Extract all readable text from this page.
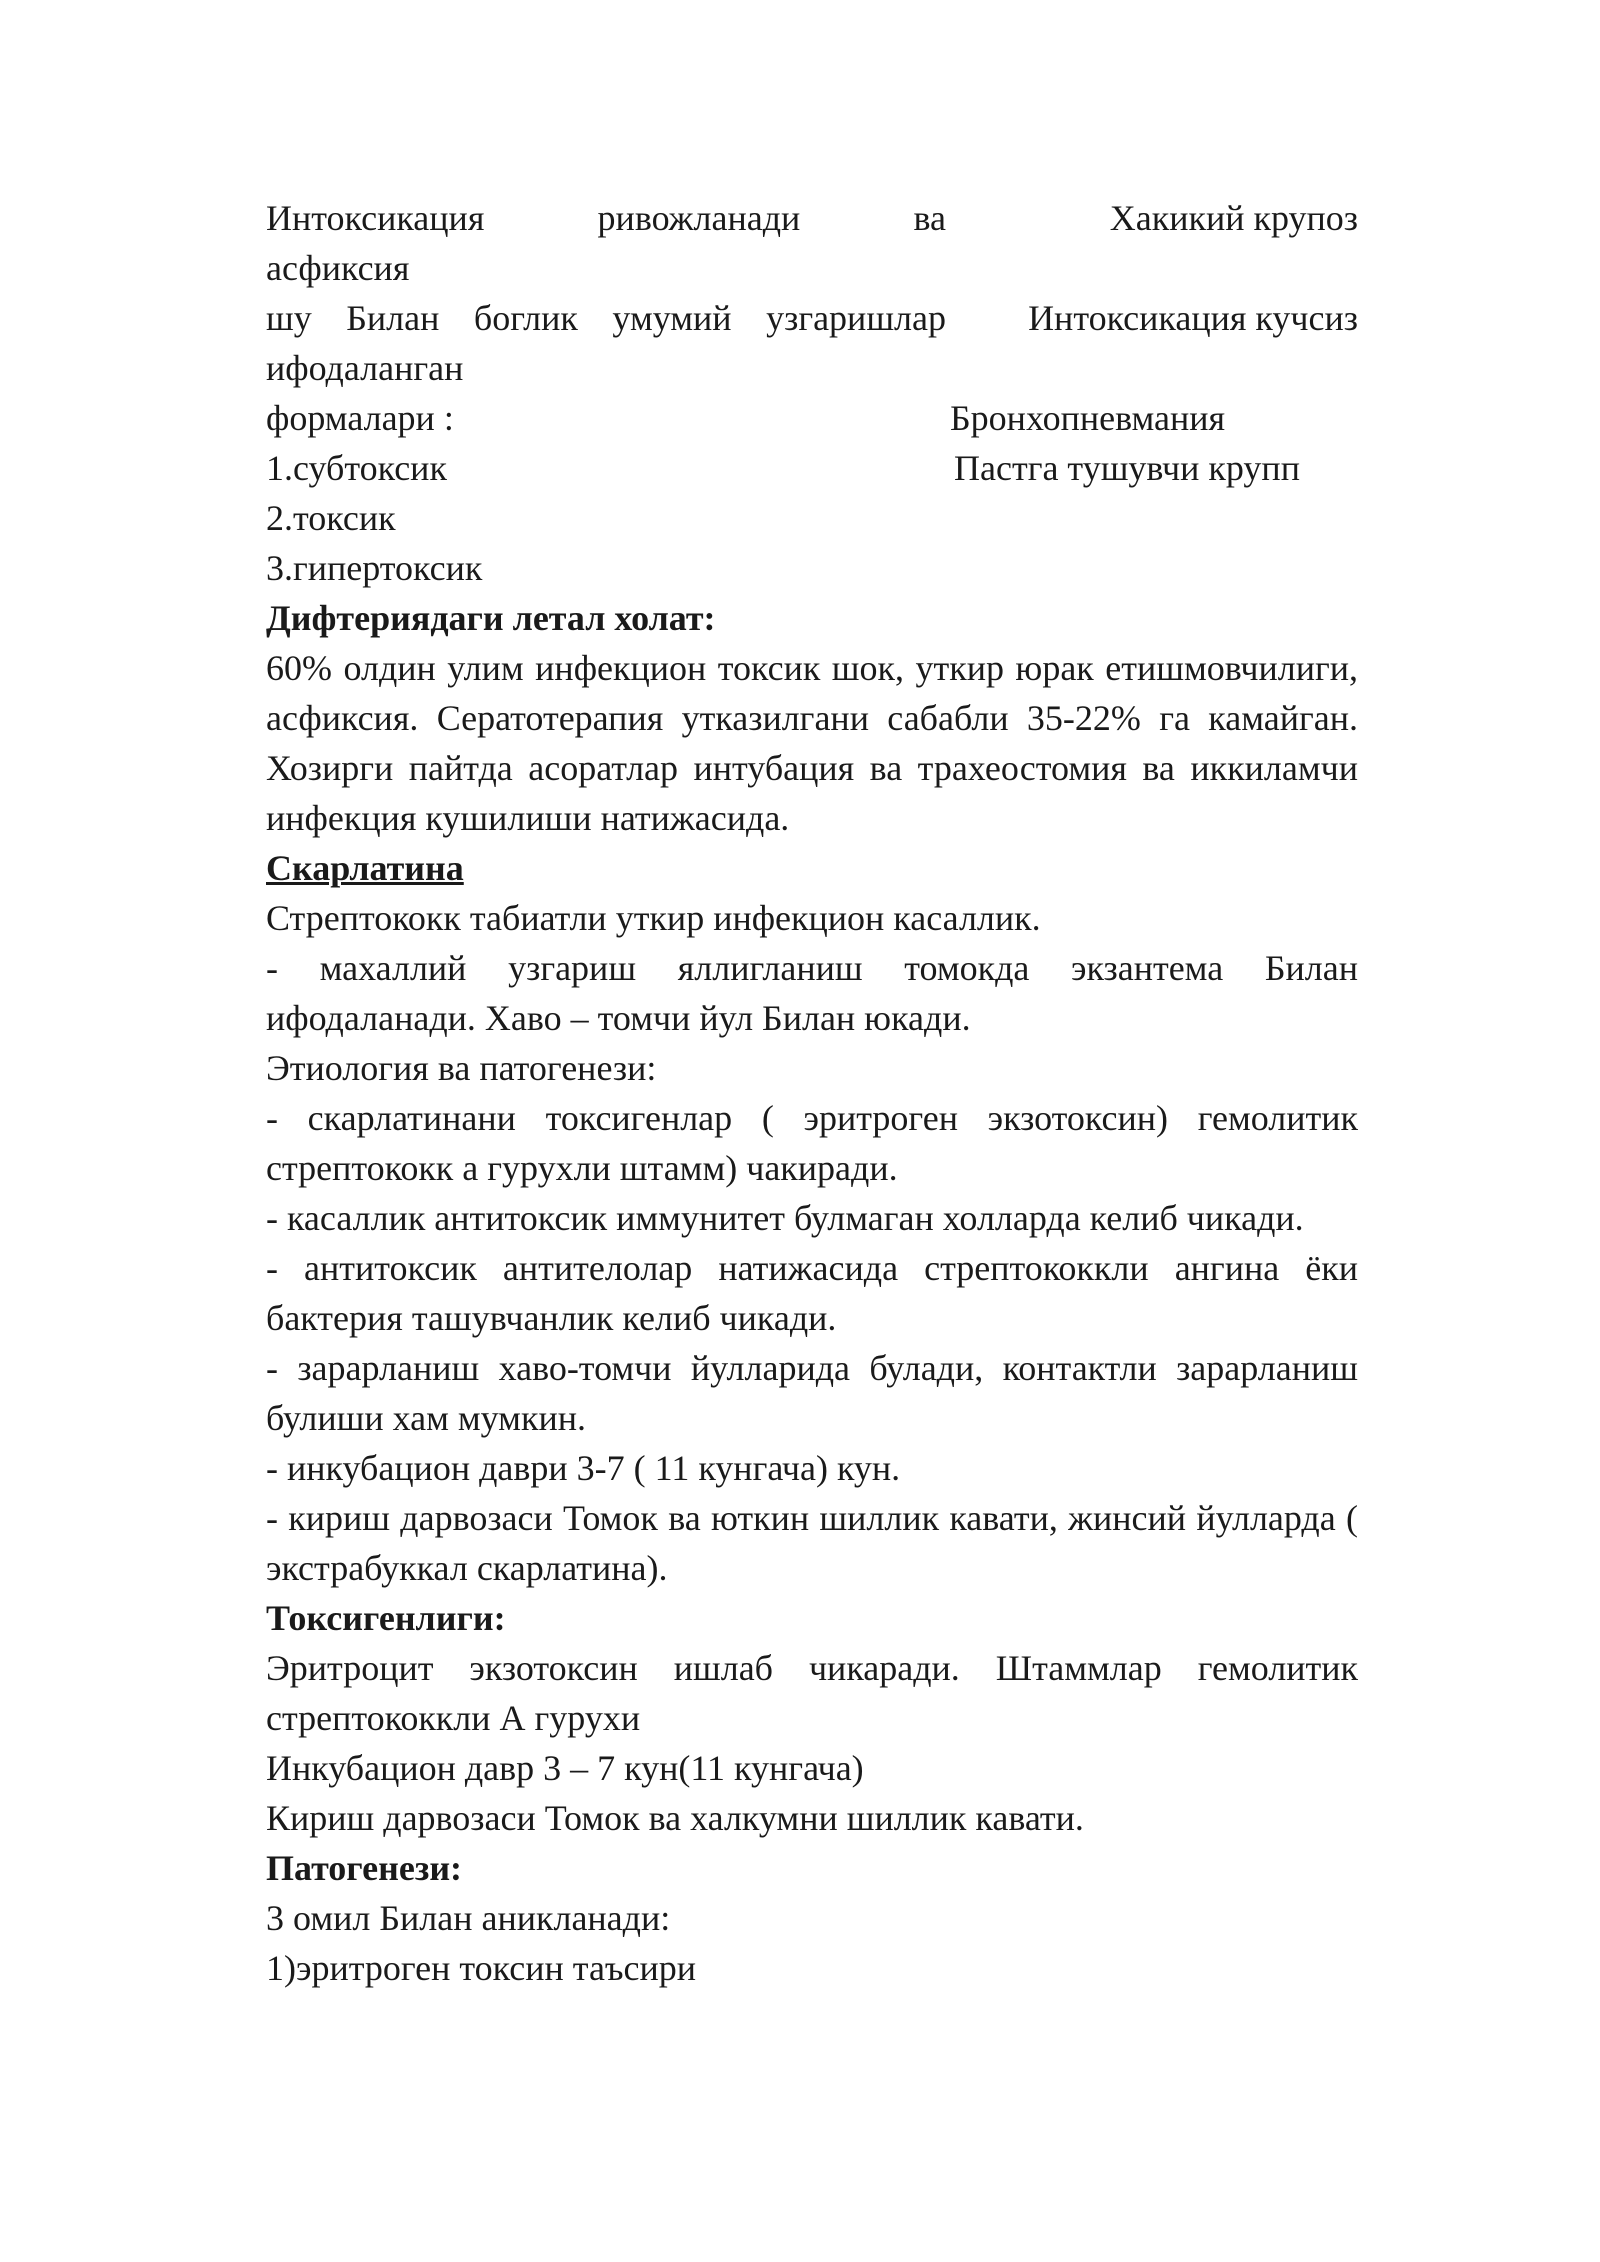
Интоксикация ривожланади ва	Хакикий крупоз
асфиксия
шу Билан боглик умумий узгаришлар Интоксикация кучсиз
ифодаланган
формалари :	Бронхопневмания
1.субтоксик	Пастга тушувчи крупп
2.токсик
3.гипертоксик
Дифтериядаги летал холат:
60% олдин улим инфекцион токсик шок, уткир юрак етишмовчилиги, асфиксия. Сератотерапия утказилгани сабабли 35-22% га камайган. Хозирги пайтда асоратлар интубация ва трахеостомия ва иккиламчи инфекция кушилиши натижасида.
Скарлатина
Стрептококк табиатли уткир инфекцион касаллик.
- махаллий узгариш яллигланиш томокда экзантема Билан ифодаланади. Хаво – томчи йул Билан юкади.
Этиология ва патогенези:
- скарлатинани токсигенлар ( эритроген экзотоксин) гемолитик стрептококк а гурухли штамм) чакиради.
- касаллик антитоксик иммунитет булмаган холларда келиб чикади.
- антитоксик антителолар натижасида стрептококкли ангина ёки бактерия ташувчанлик келиб чикади.
- зарарланиш хаво-томчи йулларида булади, контактли зарарланиш булиши хам мумкин.
- инкубацион даври 3-7 ( 11 кунгача) кун.
- кириш дарвозаси Томок ва юткин шиллик кавати, жинсий йулларда ( экстрабуккал скарлатина).
Токсигенлиги:
Эритроцит экзотоксин ишлаб чикаради. Штаммлар гемолитик стрептококкли А гурухи
Инкубацион давр 3 – 7 кун(11 кунгача)
Кириш дарвозаси Томок ва халкумни шиллик кавати.
Патогенези:
3 омил Билан аникланади:
1)эритроген токсин таъсири
